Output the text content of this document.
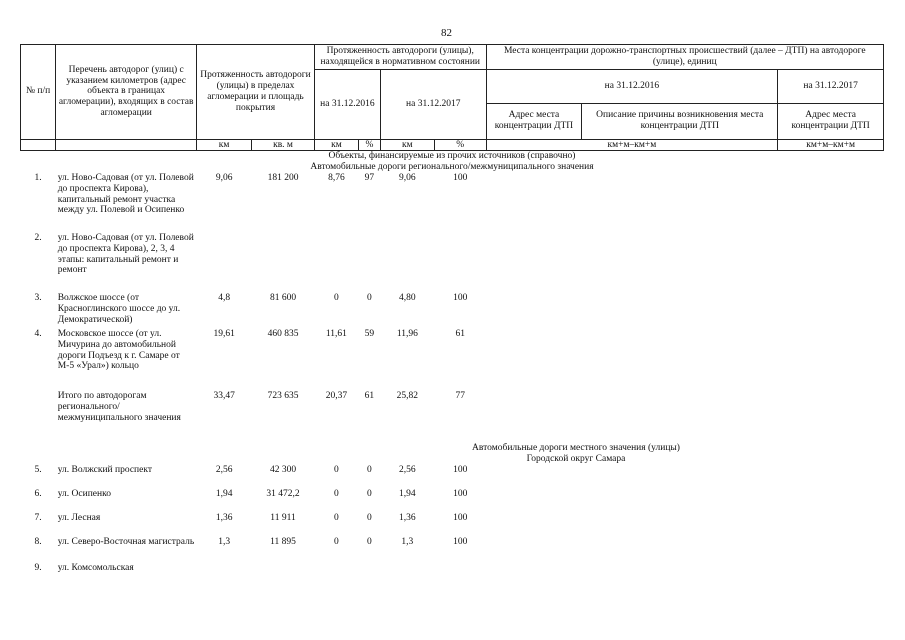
82
№ п/п	Перечень автодорог (улиц) с указанием километров (адрес объекта в границах агломерации), входящих в состав агломерации	Протяженность автодороги (улицы) в пределах агломерации и площадь покрытия		Протяженность автодороги (улицы), находящейся в нормативном состоянии				Места концентрации дорожно-транспортных происшествий (далее – ДТП) на автодороге (улице), единиц		
				на 31.12.2016		на 31.12.2017		на 31.12.2016		на 31.12.2017
								Адрес места концентрации ДТП	Описание причины возникновения места концентрации ДТП	Адрес места концентрации ДТП
		км	кв. м	км	%	км	%	км+м–км+м		км+м–км+м
Объекты, финансируемые из прочих источников (справочно)										
Автомобильные дороги регионального/межмуниципального значения										
1.	ул. Ново-Садовая (от ул. Полевой до проспекта Кирова), капитальный ремонт участка между ул. Полевой и Осипенко	9,06	181 200	8,76	97	9,06	100			
2.	ул. Ново-Садовая (от ул. Полевой до проспекта Кирова), 2, 3, 4 этапы: капитальный ремонт и ремонт									
3.	Волжское шоссе (от Красноглинского шоссе до ул. Демократической)	4,8	81 600	0	0	4,80	100			
4.	Московское шоссе (от ул. Мичурина до автомобильной дороги Подъезд к г. Самаре от М-5 «Урал») кольцо	19,61	460 835	11,61	59	11,96	61			
	Итого по автодорогам регионального/ межмуниципального значения	33,47	723 635	20,37	61	25,82	77			
Автомобильные дороги местного значения (улицы)										
Городской округ Самара										
5.	ул. Волжский проспект	2,56	42 300	0	0	2,56	100			
6.	ул. Осипенко	1,94	31 472,2	0	0	1,94	100			
7.	ул. Лесная	1,36	11 911	0	0	1,36	100			
8.	ул. Северо-Восточная магистраль	1,3	11 895	0	0	1,3	100			
9.	ул. Комсомольская									
